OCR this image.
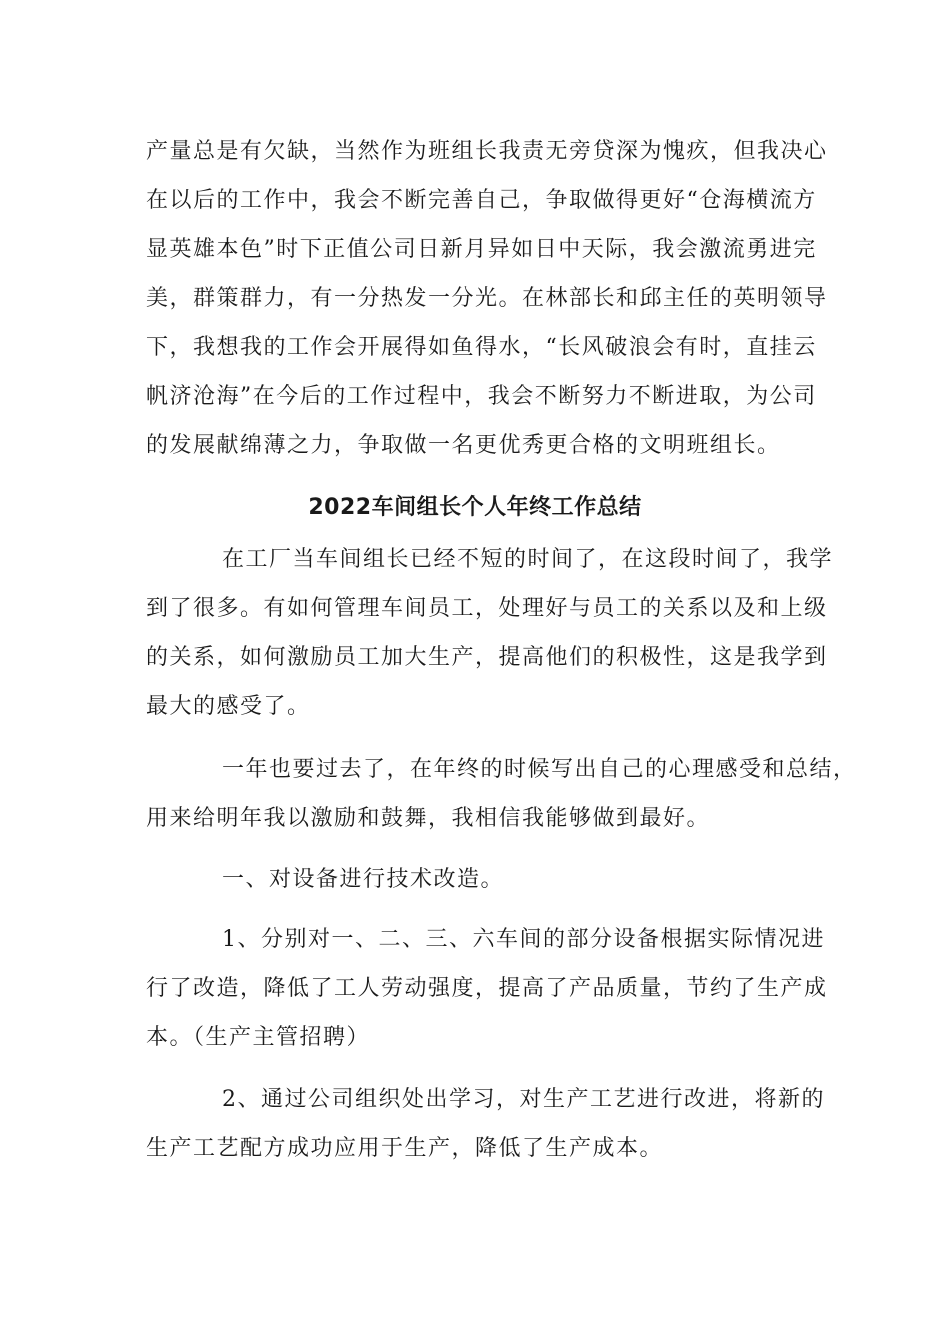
产量总是有欠缺，当然作为班组长我责无旁贷深为愧疚，但我决心
在以后的工作中，我会不断完善自己，争取做得更好“仓海横流方
显英雄本色”时下正值公司日新月异如日中天际，我会激流勇进完
美，群策群力，有一分热发一分光。在林部长和邱主任的英明领导
下，我想我的工作会开展得如鱼得水，“长风破浪会有时，直挂云
帆济沧海”在今后的工作过程中，我会不断努力不断进取，为公司
的发展献绵薄之力，争取做一名更优秀更合格的文明班组长。
2022车间组长个人年终工作总结
在工厂当车间组长已经不短的时间了，在这段时间了，我学
到了很多。有如何管理车间员工，处理好与员工的关系以及和上级
的关系，如何激励员工加大生产，提高他们的积极性，这是我学到
最大的感受了。
一年也要过去了，在年终的时候写出自己的心理感受和总结，
用来给明年我以激励和鼓舞，我相信我能够做到最好。
一、对设备进行技术改造。
1、分别对一、二、三、六车间的部分设备根据实际情况进
行了改造，降低了工人劳动强度，提高了产品质量，节约了生产成
本。（生产主管招聘）
2、通过公司组织处出学习，对生产工艺进行改进，将新的
生产工艺配方成功应用于生产，降低了生产成本。
